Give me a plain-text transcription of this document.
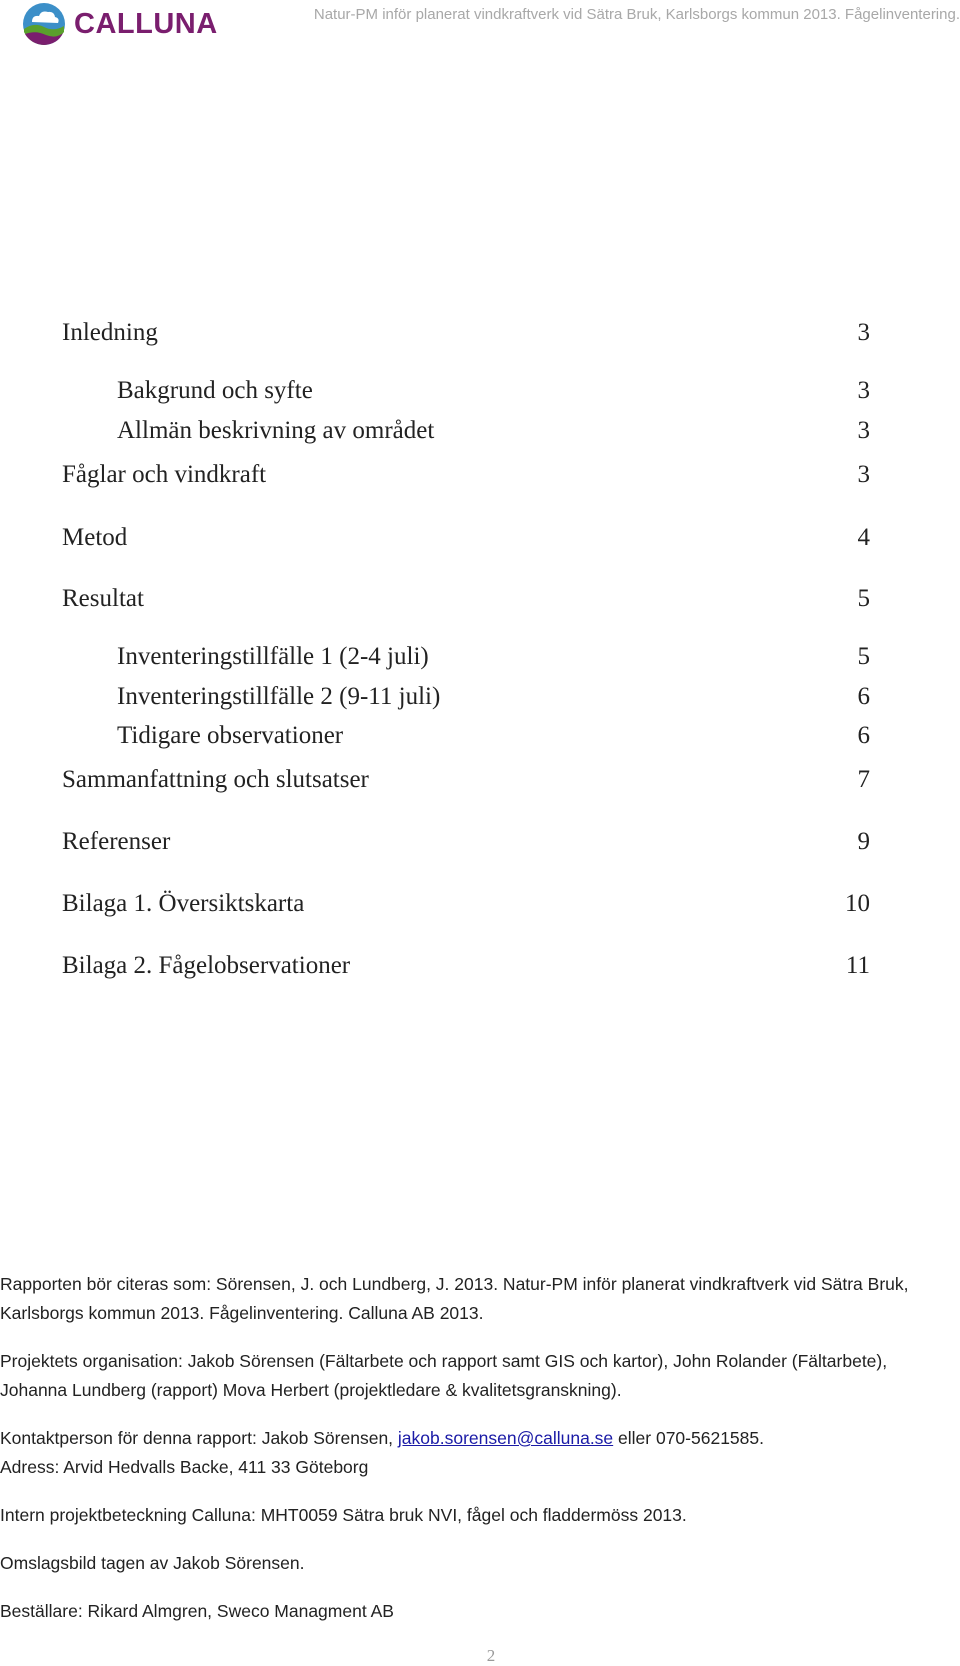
CALLUNA	Natur-PM inför planerat vindkraftverk vid Sätra Bruk, Karlsborgs kommun 2013. Fågelinventering.
Inledning	3
Bakgrund och syfte	3
Allmän beskrivning av området	3
Fåglar och vindkraft	3
Metod	4
Resultat	5
Inventeringstillfälle 1 (2-4 juli)	5
Inventeringstillfälle 2 (9-11 juli)	6
Tidigare observationer	6
Sammanfattning och slutsatser	7
Referenser	9
Bilaga 1. Översiktskarta	10
Bilaga 2. Fågelobservationer	11

Rapporten bör citeras som: Sörensen, J. och Lundberg, J. 2013. Natur-PM inför planerat vindkraftverk vid Sätra Bruk, Karlsborgs kommun 2013. Fågelinventering. Calluna AB 2013.

Projektets organisation: Jakob Sörensen (Fältarbete och rapport samt GIS och kartor), John Rolander (Fältarbete), Johanna Lundberg (rapport) Mova Herbert (projektledare & kvalitetsgranskning).

Kontaktperson för denna rapport: Jakob Sörensen, jakob.sorensen@calluna.se eller 070-5621585.

Adress: Arvid Hedvalls Backe, 411 33 Göteborg

Intern projektbeteckning Calluna: MHT0059 Sätra bruk NVI, fågel och fladdermöss 2013.

Omslagsbild tagen av Jakob Sörensen.

Beställare: Rikard Almgren, Sweco Managment AB

2
